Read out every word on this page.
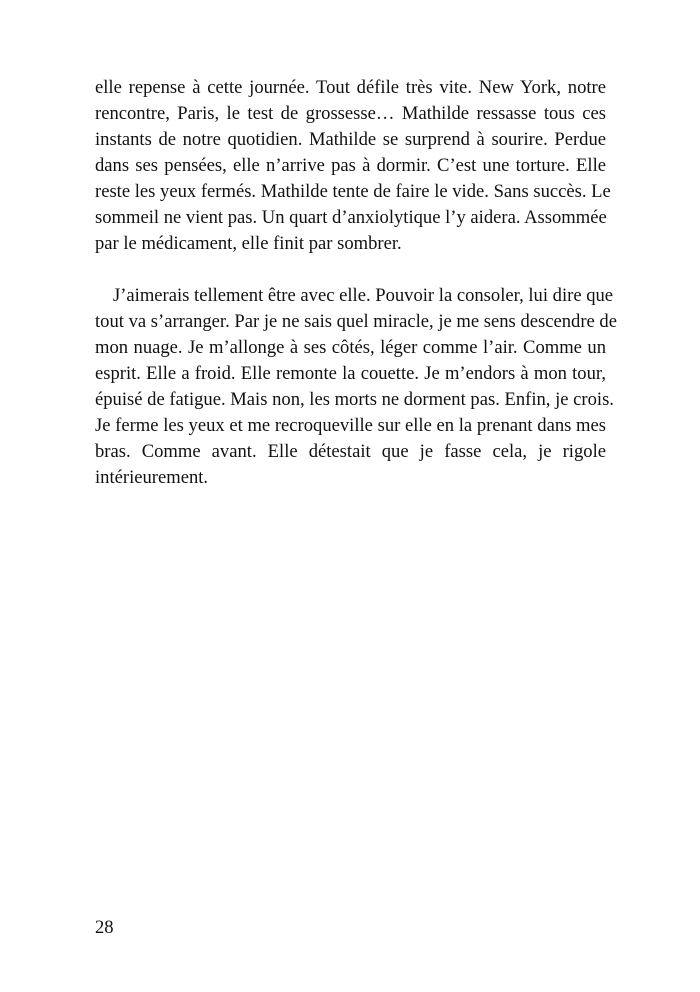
elle repense à cette journée. Tout défile très vite. New York, notre
rencontre, Paris, le test de grossesse… Mathilde ressasse tous ces
instants de notre quotidien. Mathilde se surprend à sourire. Perdue
dans ses pensées, elle n’arrive pas à dormir. C’est une torture. Elle
reste les yeux fermés. Mathilde tente de faire le vide. Sans succès. Le
sommeil ne vient pas. Un quart d’anxiolytique l’y aidera. Assommée
par le médicament, elle finit par sombrer.

J’aimerais tellement être avec elle. Pouvoir la consoler, lui dire que
tout va s’arranger. Par je ne sais quel miracle, je me sens descendre de
mon nuage. Je m’allonge à ses côtés, léger comme l’air. Comme un
esprit. Elle a froid. Elle remonte la couette. Je m’endors à mon tour,
épuisé de fatigue. Mais non, les morts ne dorment pas. Enfin, je crois.
Je ferme les yeux et me recroqueville sur elle en la prenant dans mes
bras. Comme avant. Elle détestait que je fasse cela, je rigole
intérieurement.

28
